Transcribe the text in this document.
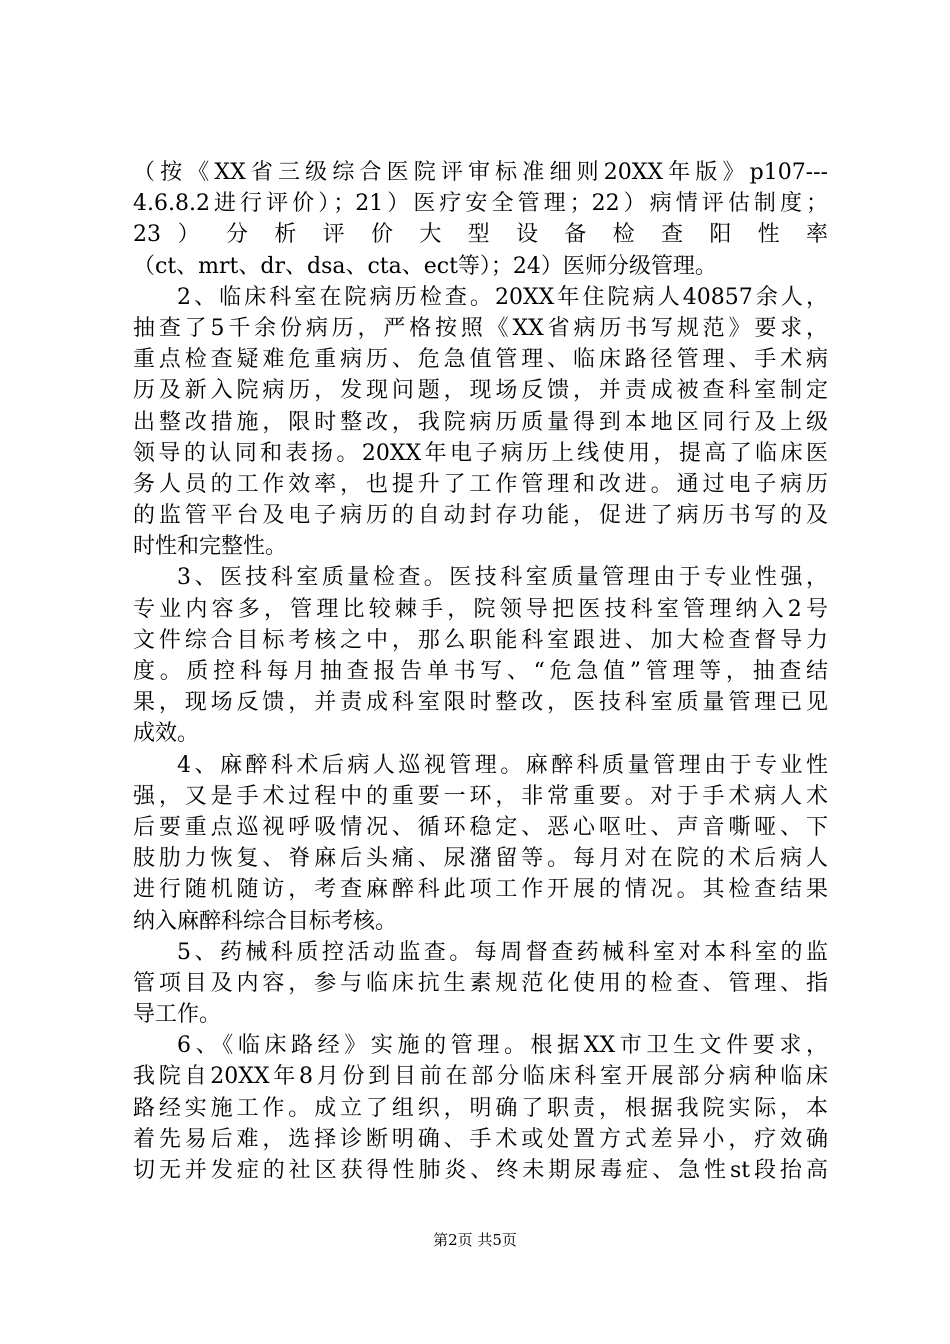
（按《XX省三级综合医院评审标准细则20XX年版》p107---
4.6.8.2进行评价）；21）医疗安全管理；22）病情评估制度；
23 ） 分 析 评 价 大 型 设 备 检 查 阳 性 率
（ct、mrt、dr、dsa、cta、ect等）；24）医师分级管理。
2、临床科室在院病历检查。20XX年住院病人40857余人，
抽查了5千余份病历，严格按照《XX省病历书写规范》要求，
重点检查疑难危重病历、危急值管理、临床路径管理、手术病
历及新入院病历，发现问题，现场反馈，并责成被查科室制定
出整改措施，限时整改，我院病历质量得到本地区同行及上级
领导的认同和表扬。20XX年电子病历上线使用，提高了临床医
务人员的工作效率，也提升了工作管理和改进。通过电子病历
的监管平台及电子病历的自动封存功能，促进了病历书写的及
时性和完整性。
3、医技科室质量检查。医技科室质量管理由于专业性强，
专业内容多，管理比较棘手，院领导把医技科室管理纳入2号
文件综合目标考核之中，那么职能科室跟进、加大检查督导力
度。质控科每月抽查报告单书写、“危急值”管理等，抽查结
果，现场反馈，并责成科室限时整改，医技科室质量管理已见
成效。
4、麻醉科术后病人巡视管理。麻醉科质量管理由于专业性
强，又是手术过程中的重要一环，非常重要。对于手术病人术
后要重点巡视呼吸情况、循环稳定、恶心呕吐、声音嘶哑、下
肢肋力恢复、脊麻后头痛、尿潴留等。每月对在院的术后病人
进行随机随访，考查麻醉科此项工作开展的情况。其检查结果
纳入麻醉科综合目标考核。
5、药械科质控活动监查。每周督查药械科室对本科室的监
管项目及内容，参与临床抗生素规范化使用的检查、管理、指
导工作。
6、《临床路经》实施的管理。根据XX市卫生文件要求，
我院自20XX年8月份到目前在部分临床科室开展部分病种临床
路经实施工作。成立了组织，明确了职责，根据我院实际，本
着先易后难，选择诊断明确、手术或处置方式差异小，疗效确
切无并发症的社区获得性肺炎、终未期尿毒症、急性st段抬高
第2页 共5页
